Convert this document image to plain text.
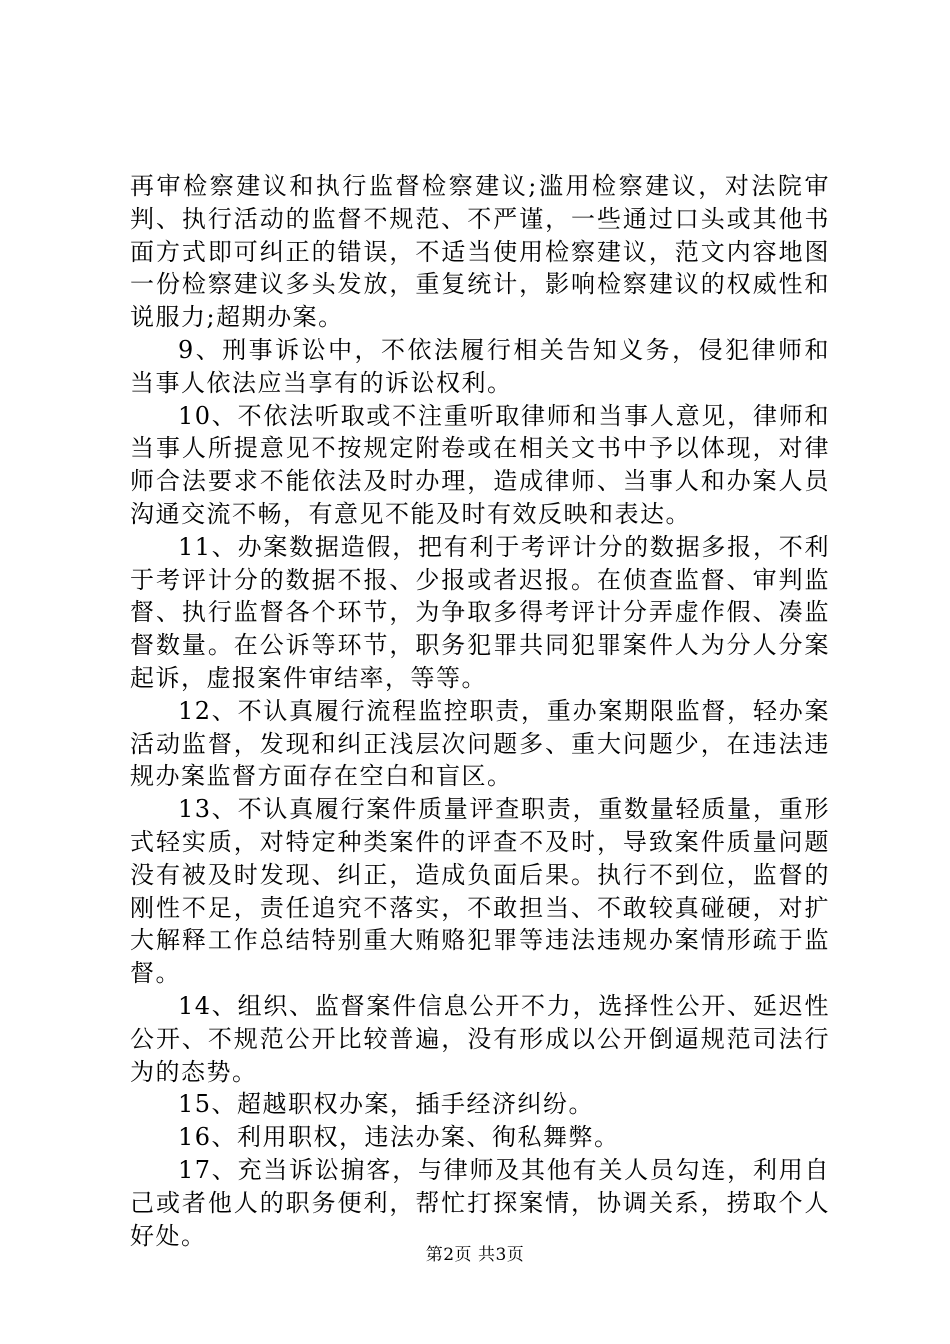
再审检察建议和执行监督检察建议;滥用检察建议，对法院审判、执行活动的监督不规范、不严谨，一些通过口头或其他书面方式即可纠正的错误，不适当使用检察建议，范文内容地图一份检察建议多头发放，重复统计，影响检察建议的权威性和说服力;超期办案。

9、刑事诉讼中，不依法履行相关告知义务，侵犯律师和当事人依法应当享有的诉讼权利。

10、不依法听取或不注重听取律师和当事人意见，律师和当事人所提意见不按规定附卷或在相关文书中予以体现，对律师合法要求不能依法及时办理，造成律师、当事人和办案人员沟通交流不畅，有意见不能及时有效反映和表达。

11、办案数据造假，把有利于考评计分的数据多报，不利于考评计分的数据不报、少报或者迟报。在侦查监督、审判监督、执行监督各个环节，为争取多得考评计分弄虚作假、凑监督数量。在公诉等环节，职务犯罪共同犯罪案件人为分人分案起诉，虚报案件审结率，等等。

12、不认真履行流程监控职责，重办案期限监督，轻办案活动监督，发现和纠正浅层次问题多、重大问题少，在违法违规办案监督方面存在空白和盲区。

13、不认真履行案件质量评查职责，重数量轻质量，重形式轻实质，对特定种类案件的评查不及时，导致案件质量问题没有被及时发现、纠正，造成负面后果。执行不到位，监督的刚性不足，责任追究不落实，不敢担当、不敢较真碰硬，对扩大解释工作总结特别重大贿赂犯罪等违法违规办案情形疏于监督。

14、组织、监督案件信息公开不力，选择性公开、延迟性公开、不规范公开比较普遍，没有形成以公开倒逼规范司法行为的态势。

15、超越职权办案，插手经济纠纷。

16、利用职权，违法办案、徇私舞弊。

17、充当诉讼掮客，与律师及其他有关人员勾连，利用自己或者他人的职务便利，帮忙打探案情，协调关系，捞取个人好处。

第2页 共3页
